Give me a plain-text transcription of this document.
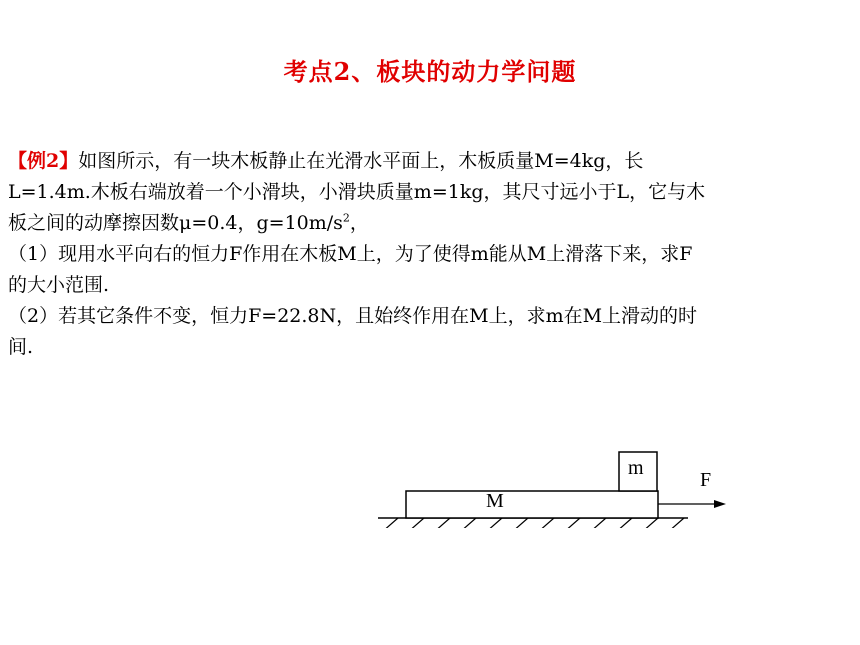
考点2、板块的动力学问题
【例2】如图所示，有一块木板静止在光滑水平面上，木板质量M=4kg，长
L=1.4m.木板右端放着一个小滑块，小滑块质量m=1kg，其尺寸远小于L，它与木
板之间的动摩擦因数μ=0.4，$g=10m/s^2$，
（1）现用水平向右的恒力F作用在木板M上，为了使得m能从M上滑落下来，求F
的大小范围.
（2）若其它条件不变，恒力F=22.8N，且始终作用在M上，求m在M上滑动的时
间.
M
m
F
